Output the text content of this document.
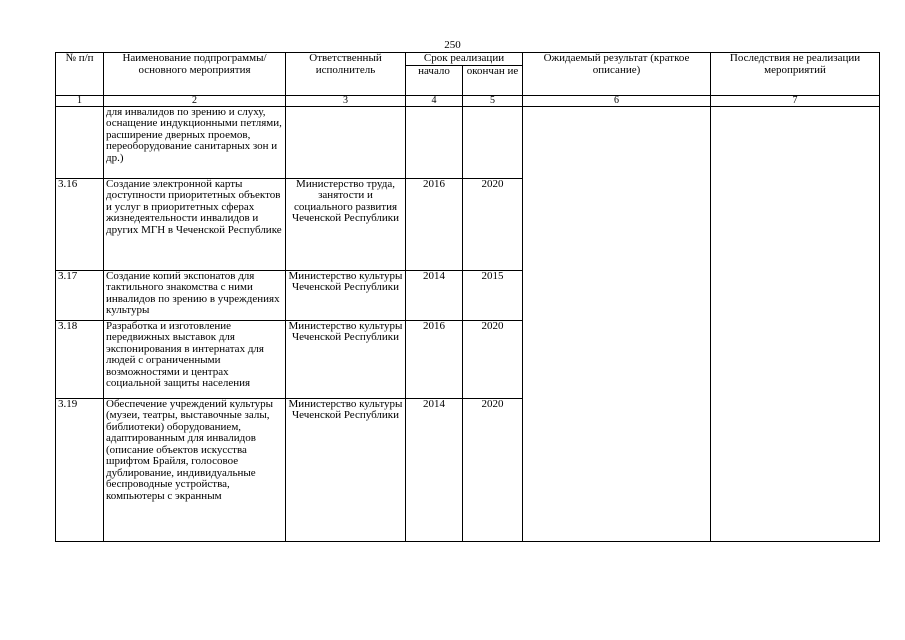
250
№ п/п	Наименование подпрограммы/ основного мероприятия	Ответственный исполнитель	Срок реализации		Ожидаемый результат (краткое описание)	Последствия не реализации мероприятий
			начало	окончан ие		
1	2	3	4	5	6	7
	для инвалидов по зрению и слуху, оснащение индукционными петлями, расширение дверных проемов, переоборудование санитарных зон и др.)					
3.16	Создание электронной карты доступности приоритетных объектов и услуг в приоритетных сферах жизнедеятельности инвалидов и других МГН в Чеченской Республике	Министерство труда, занятости и социального развития Чеченской Республики	2016	2020		
3.17	Создание копий экспонатов для тактильного знакомства с ними инвалидов по зрению в учреждениях культуры	Министерство культуры Чеченской Республики	2014	2015		
3.18	Разработка и изготовление передвижных выставок для экспонирования в интернатах для людей с ограниченными возможностями и центрах социальной защиты населения	Министерство культуры Чеченской Республики	2016	2020		
3.19	Обеспечение учреждений культуры (музеи, театры, выставочные залы, библиотеки) оборудованием, адаптированным для инвалидов (описание объектов искусства шрифтом Брайля, голосовое дублирование, индивидуальные беспроводные устройства, компьютеры с экранным	Министерство культуры Чеченской Республики	2014	2020		
